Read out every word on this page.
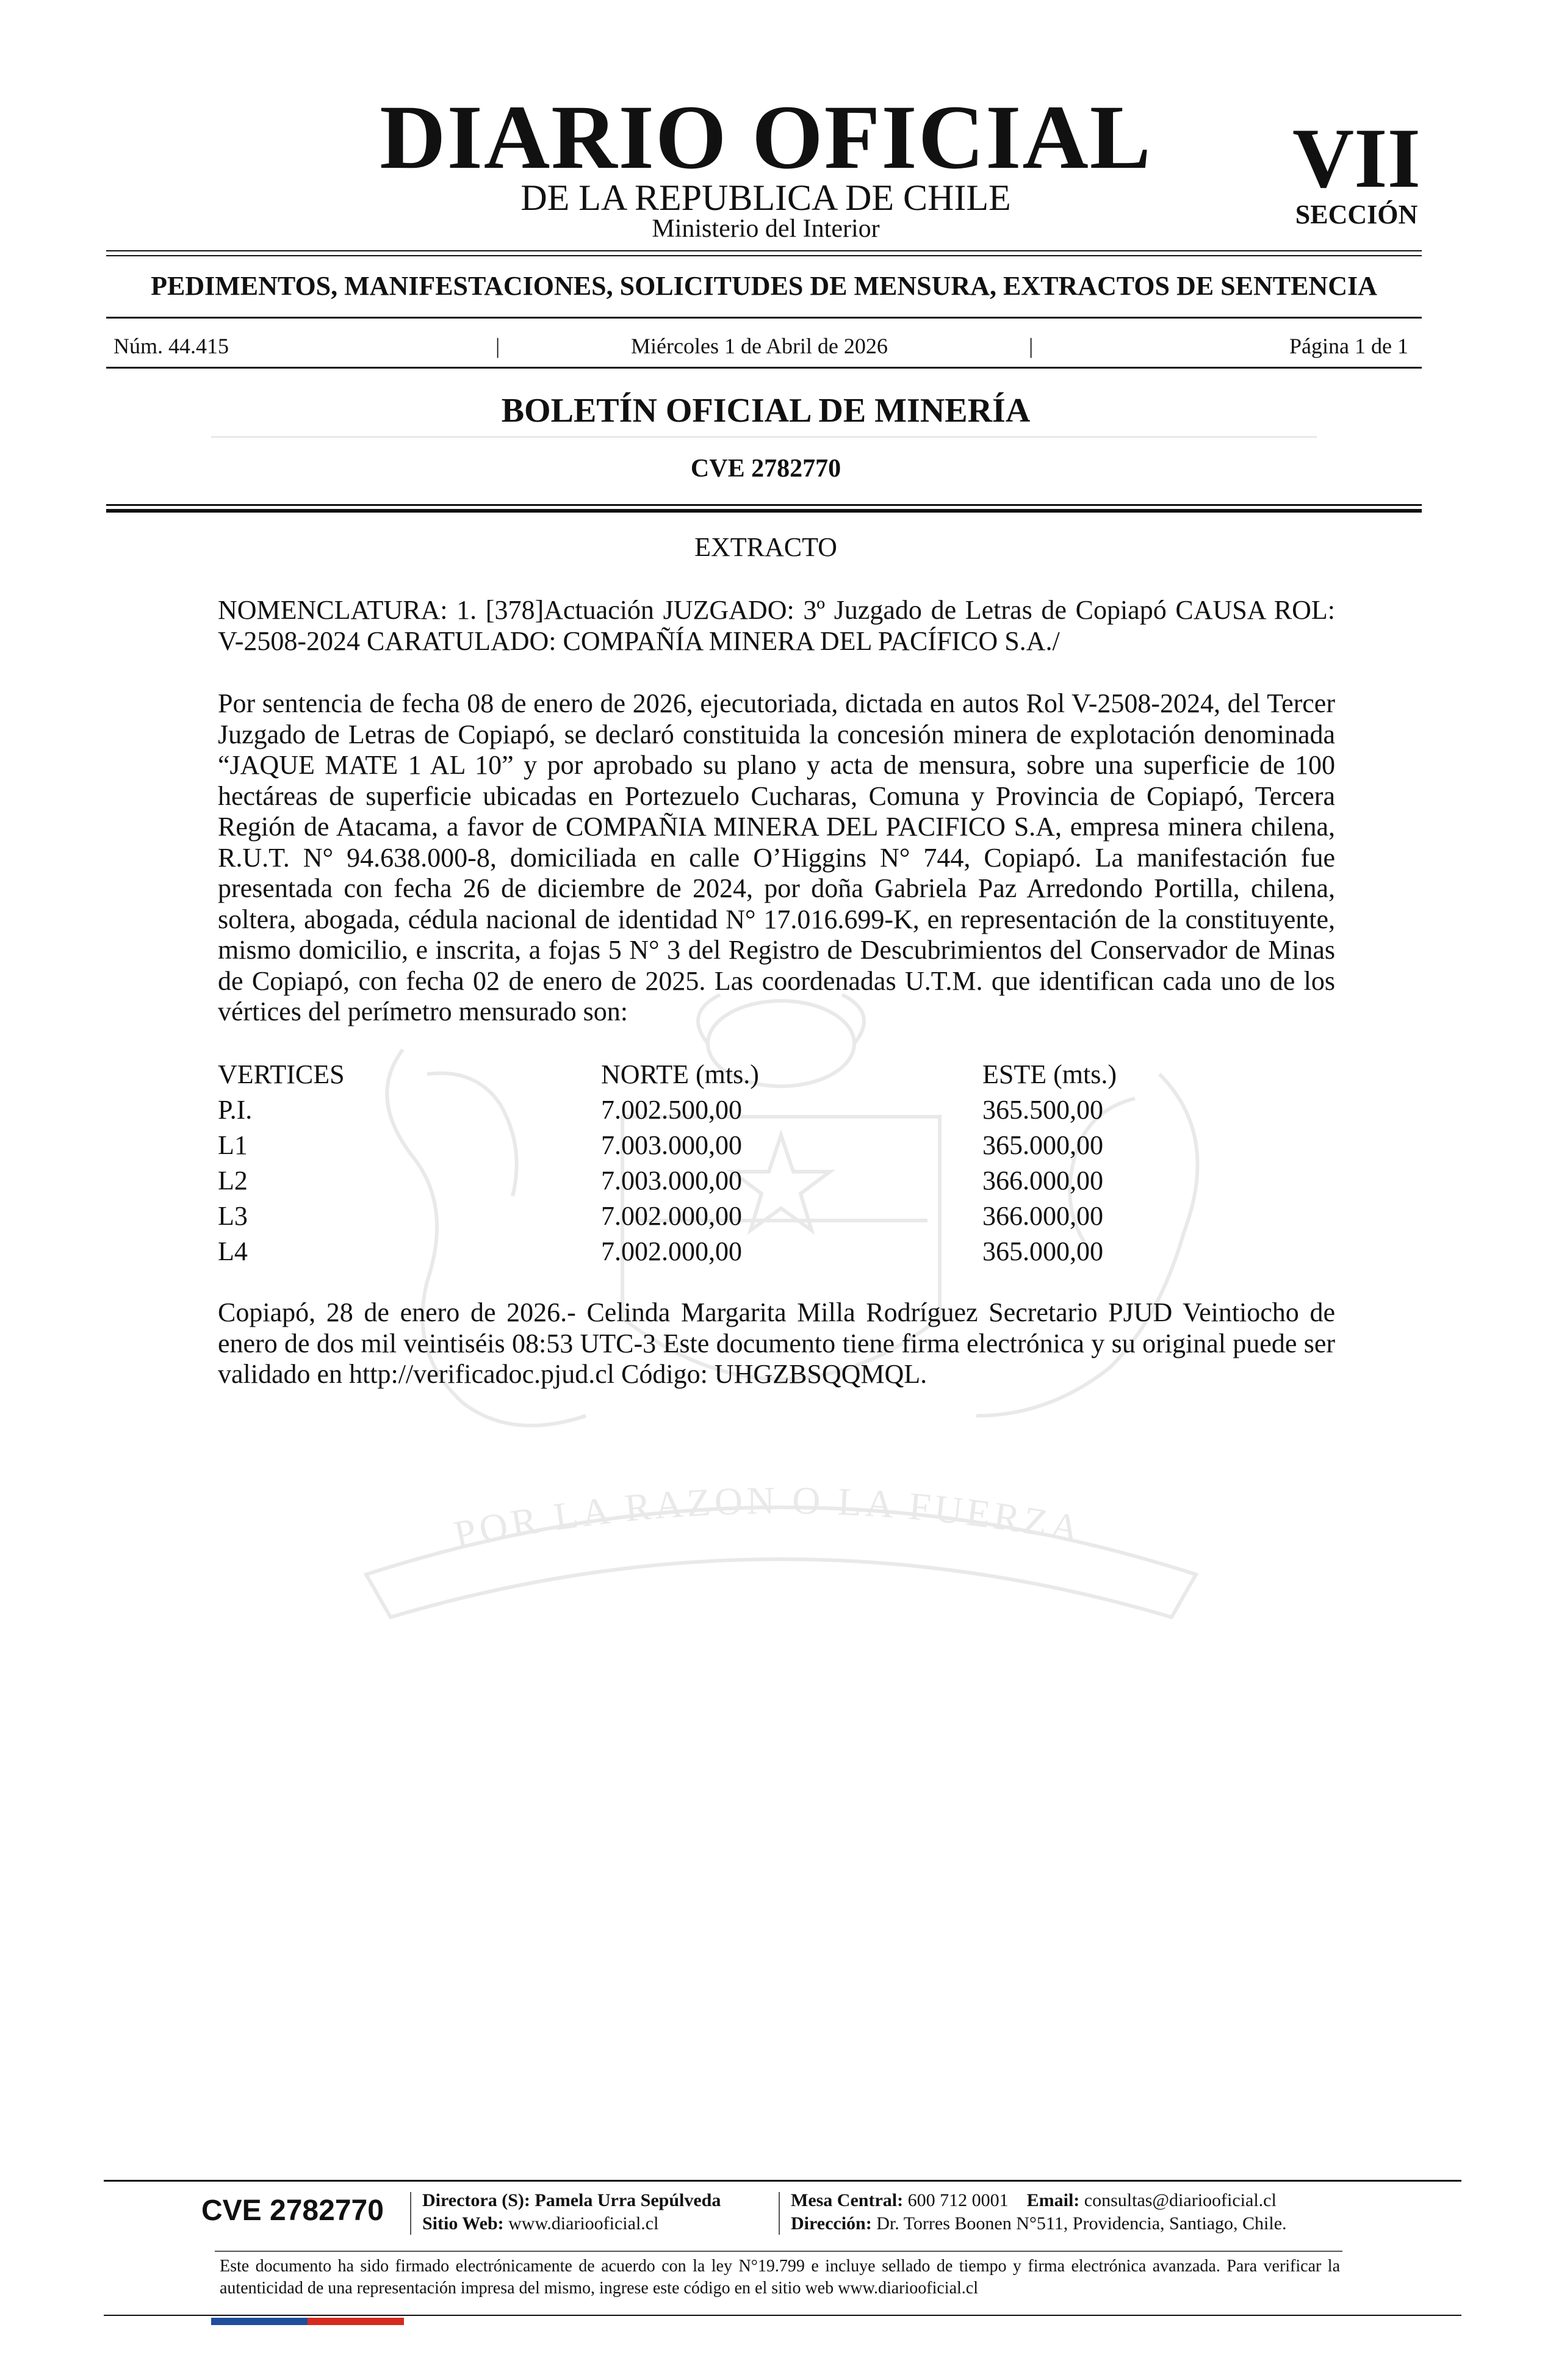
POR LA RAZON O LA FUERZA
DIARIO OFICIAL
DE LA REPUBLICA DE CHILE
Ministerio del Interior
VII
SECCIÓN
PEDIMENTOS, MANIFESTACIONES, SOLICITUDES DE MENSURA, EXTRACTOS DE SENTENCIA
Núm. 44.415	|	Miércoles 1 de Abril de 2026	|	Página 1 de 1
BOLETÍN OFICIAL DE MINERÍA
CVE 2782770
EXTRACTO
NOMENCLATURA: 1. [378]Actuación JUZGADO: 3º Juzgado de Letras de Copiapó CAUSA ROL: V-2508-2024 CARATULADO: COMPAÑÍA MINERA DEL PACÍFICO S.A./
Por sentencia de fecha 08 de enero de 2026, ejecutoriada, dictada en autos Rol V-2508-2024, del Tercer Juzgado de Letras de Copiapó, se declaró constituida la concesión minera de explotación denominada “JAQUE MATE 1 AL 10” y por aprobado su plano y acta de mensura, sobre una superficie de 100 hectáreas de superficie ubicadas en Portezuelo Cucharas, Comuna y Provincia de Copiapó, Tercera Región de Atacama, a favor de COMPAÑIA MINERA DEL PACIFICO S.A, empresa minera chilena, R.U.T. N° 94.638.000-8, domiciliada en calle O’Higgins N° 744, Copiapó. La manifestación fue presentada con fecha 26 de diciembre de 2024, por doña Gabriela Paz Arredondo Portilla, chilena, soltera, abogada, cédula nacional de identidad N° 17.016.699-K, en representación de la constituyente, mismo domicilio, e inscrita, a fojas 5 N° 3 del Registro de Descubrimientos del Conservador de Minas de Copiapó, con fecha 02 de enero de 2025. Las coordenadas U.T.M. que identifican cada uno de los vértices del perímetro mensurado son:
VERTICES	NORTE (mts.)	ESTE (mts.)
P.I.	7.002.500,00	365.500,00
L1	7.003.000,00	365.000,00
L2	7.003.000,00	366.000,00
L3	7.002.000,00	366.000,00
L4	7.002.000,00	365.000,00
Copiapó, 28 de enero de 2026.- Celinda Margarita Milla Rodríguez Secretario PJUD Veintiocho de enero de dos mil veintiséis 08:53 UTC-3 Este documento tiene firma electrónica y su original puede ser validado en http://verificadoc.pjud.cl Código: UHGZBSQQMQL.
CVE 2782770	Directora (S): Pamela Urra Sepúlveda
Sitio Web: www.diariooficial.cl
Mesa Central: 600 712 0001 Email: consultas@diariooficial.cl
Dirección: Dr. Torres Boonen N°511, Providencia, Santiago, Chile.
Este documento ha sido firmado electrónicamente de acuerdo con la ley N°19.799 e incluye sellado de tiempo y firma electrónica avanzada. Para verificar la autenticidad de una representación impresa del mismo, ingrese este código en el sitio web www.diariooficial.cl
